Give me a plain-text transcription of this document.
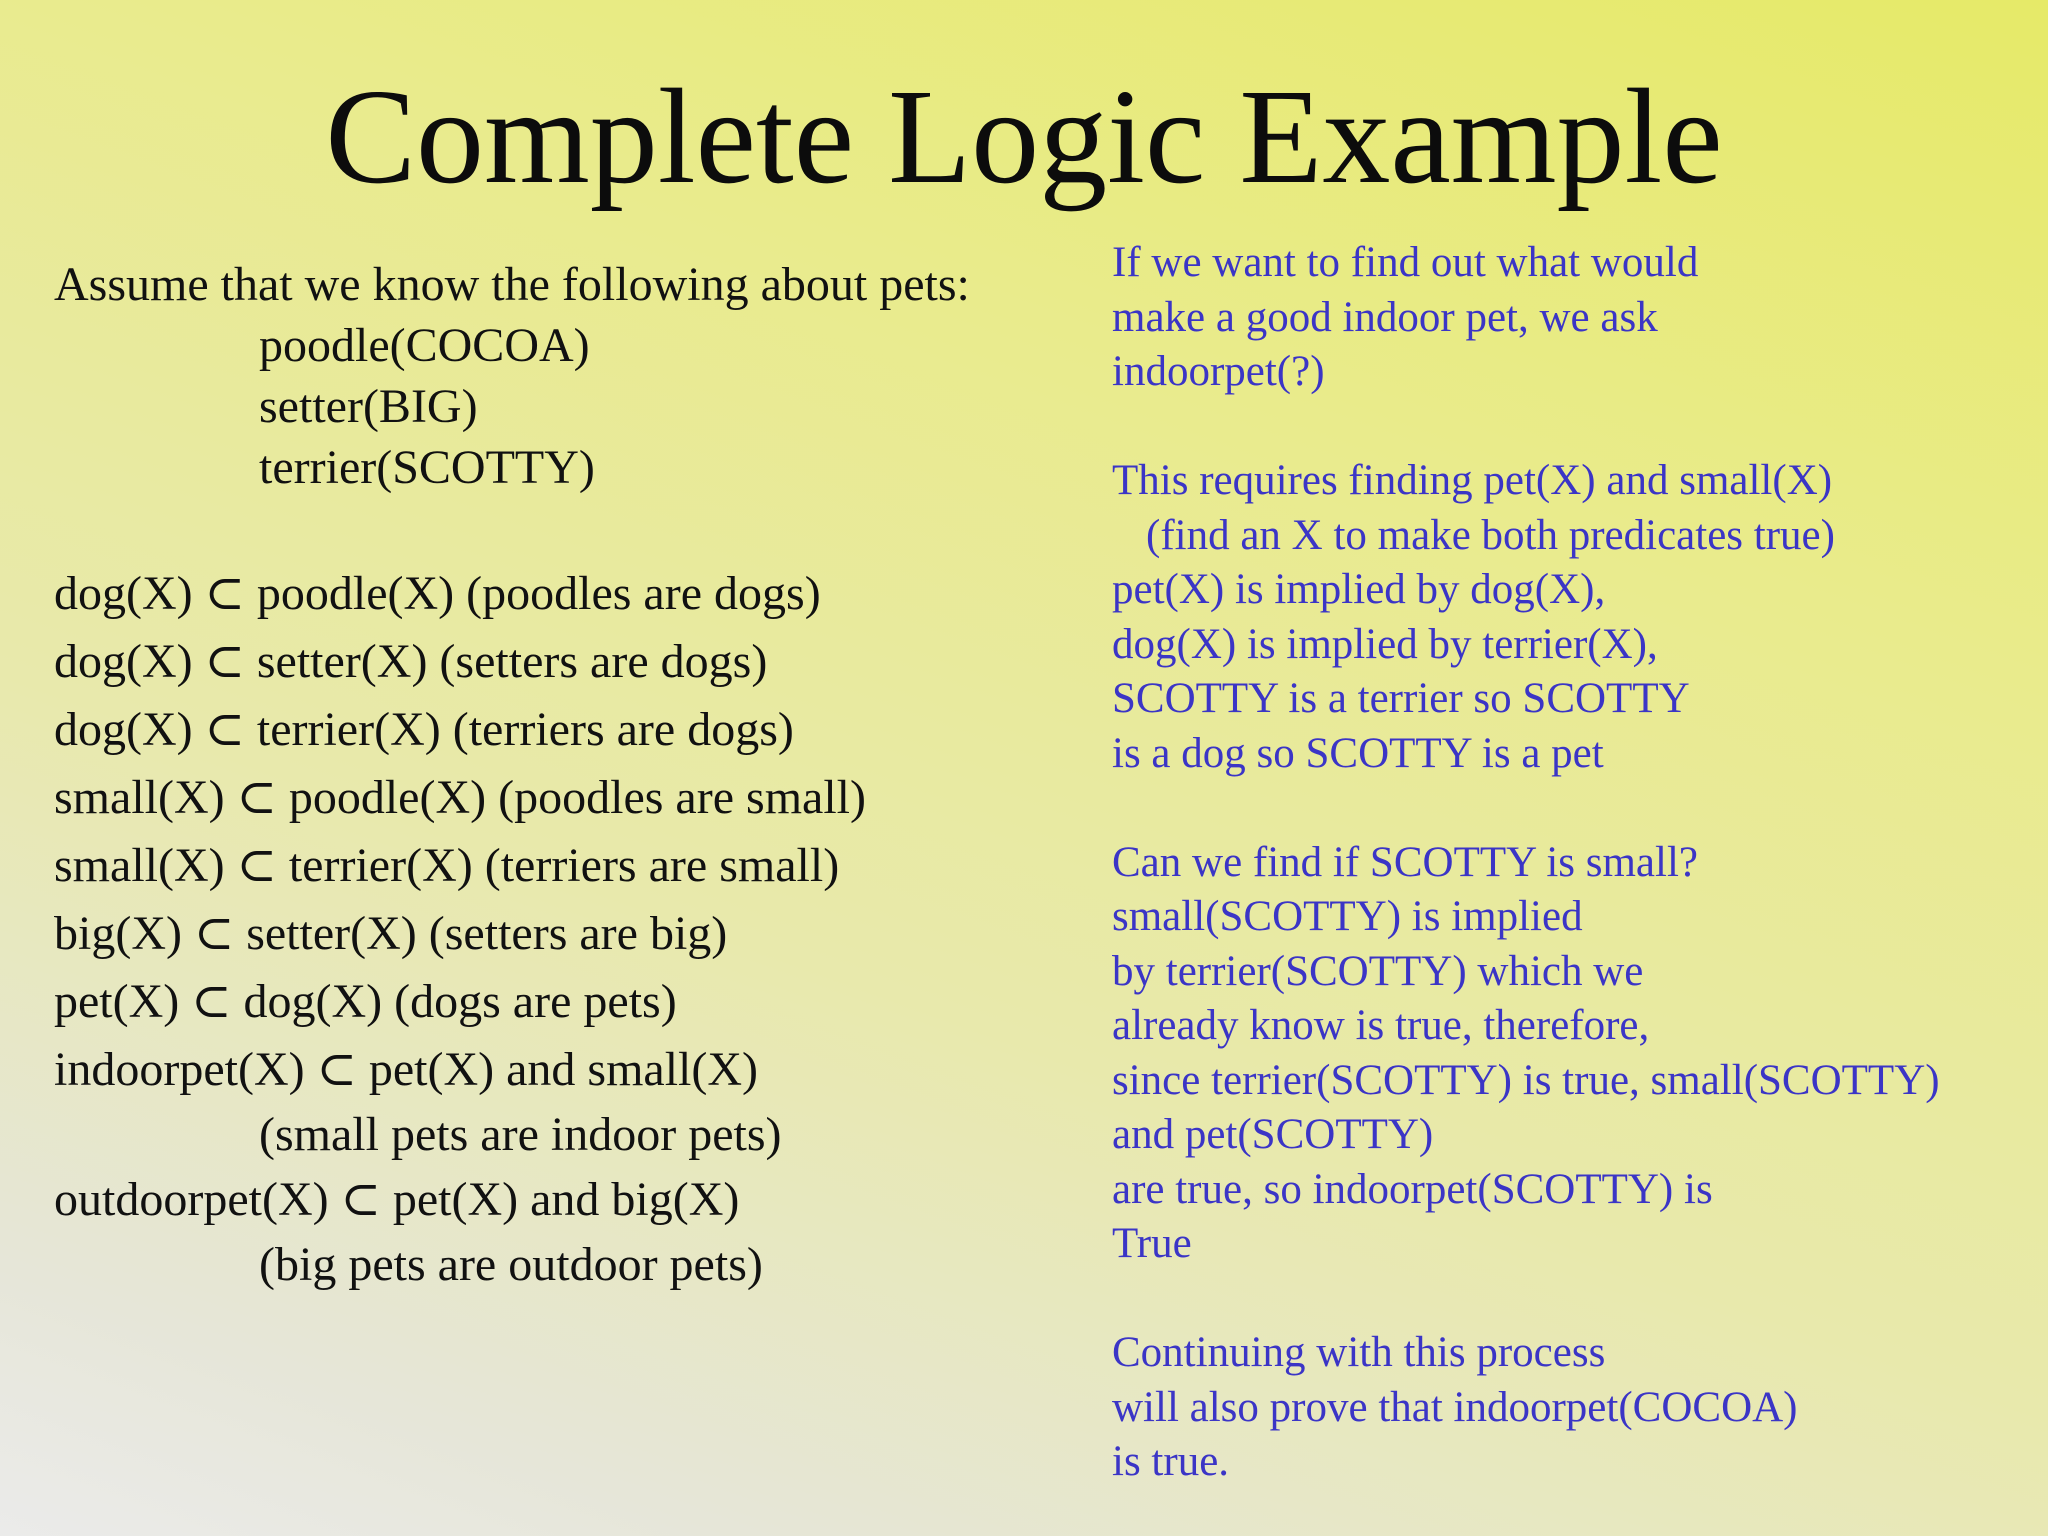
Complete Logic Example
Assume that we know the following about pets:
poodle(COCOA)
setter(BIG)
terrier(SCOTTY)
dog(X) ⊂ poodle(X) (poodles are dogs)
dog(X) ⊂ setter(X) (setters are dogs)
dog(X) ⊂ terrier(X) (terriers are dogs)
small(X) ⊂ poodle(X) (poodles are small)
small(X) ⊂ terrier(X) (terriers are small)
big(X) ⊂ setter(X) (setters are big)
pet(X) ⊂ dog(X) (dogs are pets)
indoorpet(X) ⊂ pet(X) and small(X)
(small pets are indoor pets)
outdoorpet(X) ⊂ pet(X) and big(X)
(big pets are outdoor pets)
If we want to find out what would
make a good indoor pet, we ask
indoorpet(?)
This requires finding pet(X) and small(X)
(find an X to make both predicates true)
pet(X) is implied by dog(X),
dog(X) is implied by terrier(X),
SCOTTY is a terrier so SCOTTY
is a dog so SCOTTY is a pet
Can we find if SCOTTY is small?
small(SCOTTY) is implied
by terrier(SCOTTY) which we
already know is true, therefore,
since terrier(SCOTTY) is true, small(SCOTTY)
and pet(SCOTTY)
are true, so indoorpet(SCOTTY) is
True
Continuing with this process
will also prove that indoorpet(COCOA)
is true.
